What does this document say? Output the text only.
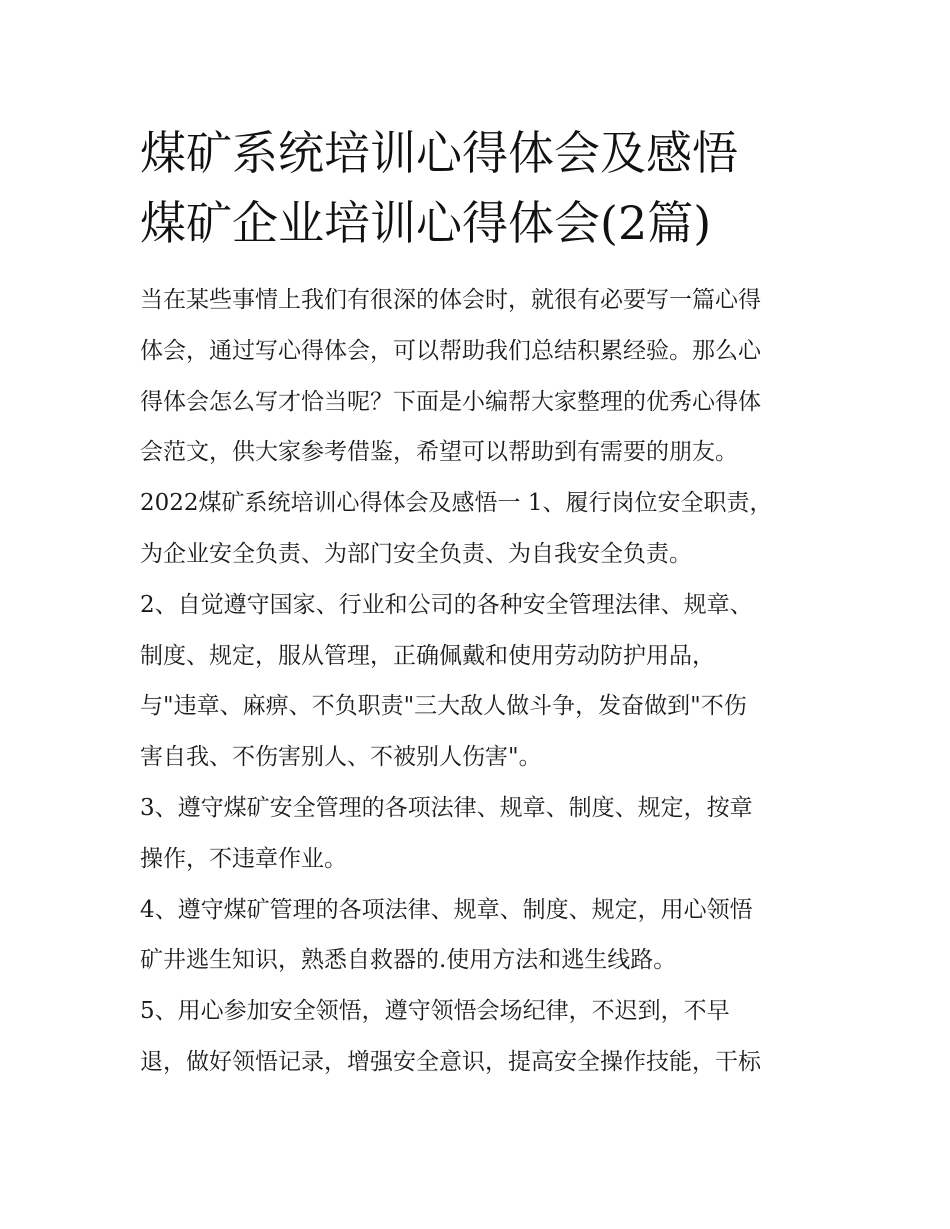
煤矿系统培训心得体会及感悟
煤矿企业培训心得体会(2篇)
当在某些事情上我们有很深的体会时，就很有必要写一篇心得
体会，通过写心得体会，可以帮助我们总结积累经验。那么心
得体会怎么写才恰当呢？下面是小编帮大家整理的优秀心得体
会范文，供大家参考借鉴，希望可以帮助到有需要的朋友。
2022煤矿系统培训心得体会及感悟一 1、履行岗位安全职责，
为企业安全负责、为部门安全负责、为自我安全负责。
2、自觉遵守国家、行业和公司的各种安全管理法律、规章、
制度、规定，服从管理，正确佩戴和使用劳动防护用品，
与"违章、麻痹、不负职责"三大敌人做斗争，发奋做到"不伤
害自我、不伤害别人、不被别人伤害"。
3、遵守煤矿安全管理的各项法律、规章、制度、规定，按章
操作，不违章作业。
4、遵守煤矿管理的各项法律、规章、制度、规定，用心领悟
矿井逃生知识，熟悉自救器的.使用方法和逃生线路。
5、用心参加安全领悟，遵守领悟会场纪律，不迟到，不早
退，做好领悟记录，增强安全意识，提高安全操作技能，干标
